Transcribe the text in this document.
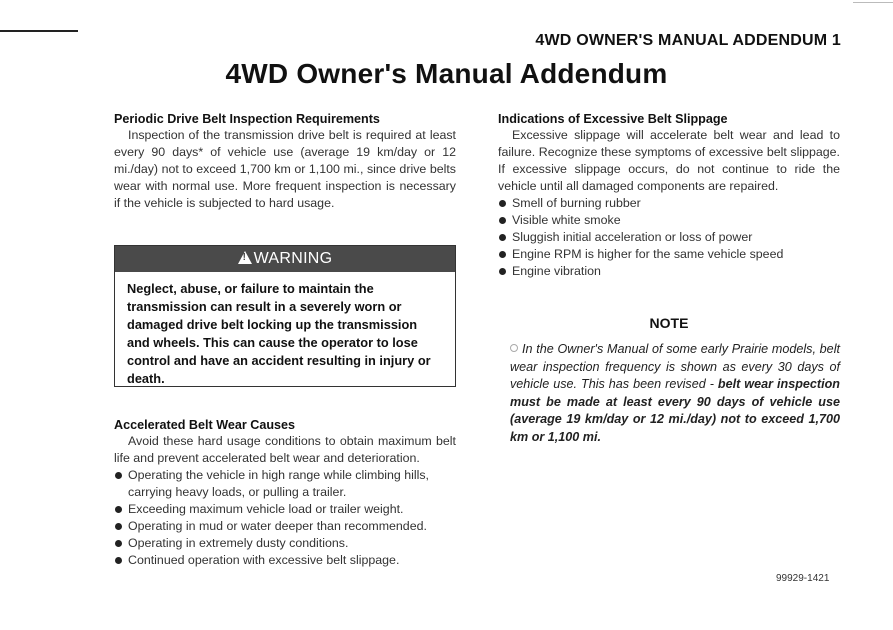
4WD OWNER'S MANUAL ADDENDUM 1
4WD Owner's Manual Addendum
Periodic Drive Belt Inspection Requirements

Inspection of the transmission drive belt is required at least every 90 days* of vehicle use (average 19 km/day or 12 mi./day) not to exceed 1,700 km or 1,100 mi., since drive belts wear with normal use. More frequent inspection is necessary if the vehicle is subjected to hard usage.

!WARNING
Neglect, abuse, or failure to maintain the transmission can result in a severely worn or damaged drive belt locking up the transmission and wheels. This can cause the operator to lose control and have an accident resulting in injury or death.
Accelerated Belt Wear Causes

Avoid these hard usage conditions to obtain maximum belt life and prevent accelerated belt wear and deterioration.

Operating the vehicle in high range while climbing hills, carrying heavy loads, or pulling a trailer.
Exceeding maximum vehicle load or trailer weight.
Operating in mud or water deeper than recommended.
Operating in extremely dusty conditions.
Continued operation with excessive belt slippage.
Indications of Excessive Belt Slippage

Excessive slippage will accelerate belt wear and lead to failure. Recognize these symptoms of excessive belt slippage. If excessive slippage occurs, do not continue to ride the vehicle until all damaged components are repaired.

Smell of burning rubber
Visible white smoke
Sluggish initial acceleration or loss of power
Engine RPM is higher for the same vehicle speed
Engine vibration
NOTE
In the Owner's Manual of some early Prairie models, belt wear inspection frequency is shown as every 30 days of vehicle use. This has been revised - belt wear inspection must be made at least every 90 days of vehicle use (average 19 km/day or 12 mi./day) not to exceed 1,700 km or 1,100 mi.
99929-1421
